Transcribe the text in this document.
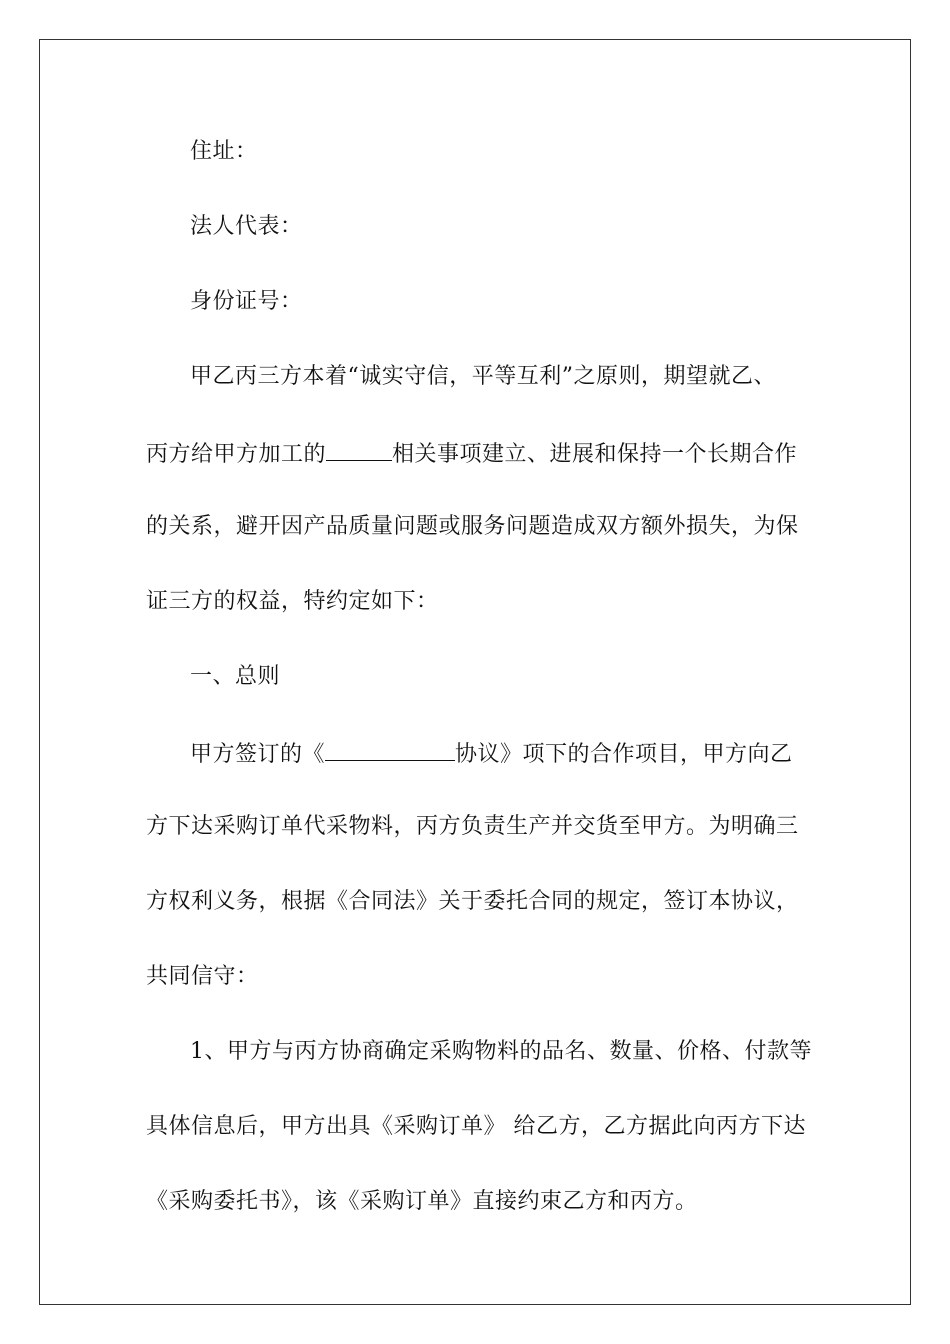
住址：
法人代表：
身份证号：
甲乙丙三方本着“诚实守信，平等互利”之原则，期望就乙、
丙方给甲方加工的	相关事项建立、进展和保持一个长期合作
的关系，避开因产品质量问题或服务问题造成双方额外损失，为保
证三方的权益，特约定如下：
一、总则
甲方签订的《	协议》项下的合作项目，甲方向乙
方下达采购订单代采物料，丙方负责生产并交货至甲方。为明确三
方权利义务，根据《合同法》关于委托合同的规定，签订本协议，
共同信守：
1、甲方与丙方协商确定采购物料的品名、数量、价格、付款等
具体信息后，甲方出具《采购订单》 给乙方，乙方据此向丙方下达
《采购委托书》，该《采购订单》直接约束乙方和丙方。
